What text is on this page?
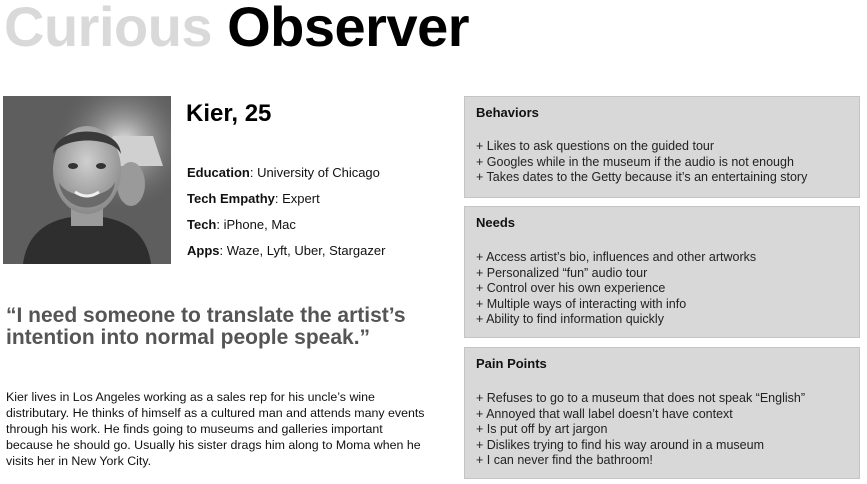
Curious Observer
Kier, 25
Education: University of Chicago
Tech Empathy: Expert
Tech: iPhone, Mac
Apps: Waze, Lyft, Uber, Stargazer
“I need someone to translate the artist’s intention into normal people speak.”
Kier lives in Los Angeles working as a sales rep for his uncle’s wine distributary. He thinks of himself as a cultured man and attends many events through his work. He finds going to museums and galleries important because he should go. Usually his sister drags him along to Moma when he visits her in New York City.
Behaviors
+ Likes to ask questions on the guided tour
+ Googles while in the museum if the audio is not enough
+ Takes dates to the Getty because it’s an entertaining story
Needs
+ Access artist’s bio, influences and other artworks
+ Personalized “fun” audio tour
+ Control over his own experience
+ Multiple ways of interacting with info
+ Ability to find information quickly
Pain Points
+ Refuses to go to a museum that does not speak “English”
+ Annoyed that wall label doesn’t have context
+ Is put off by art jargon
+ Dislikes trying to find his way around in a museum
+ I can never find the bathroom!
